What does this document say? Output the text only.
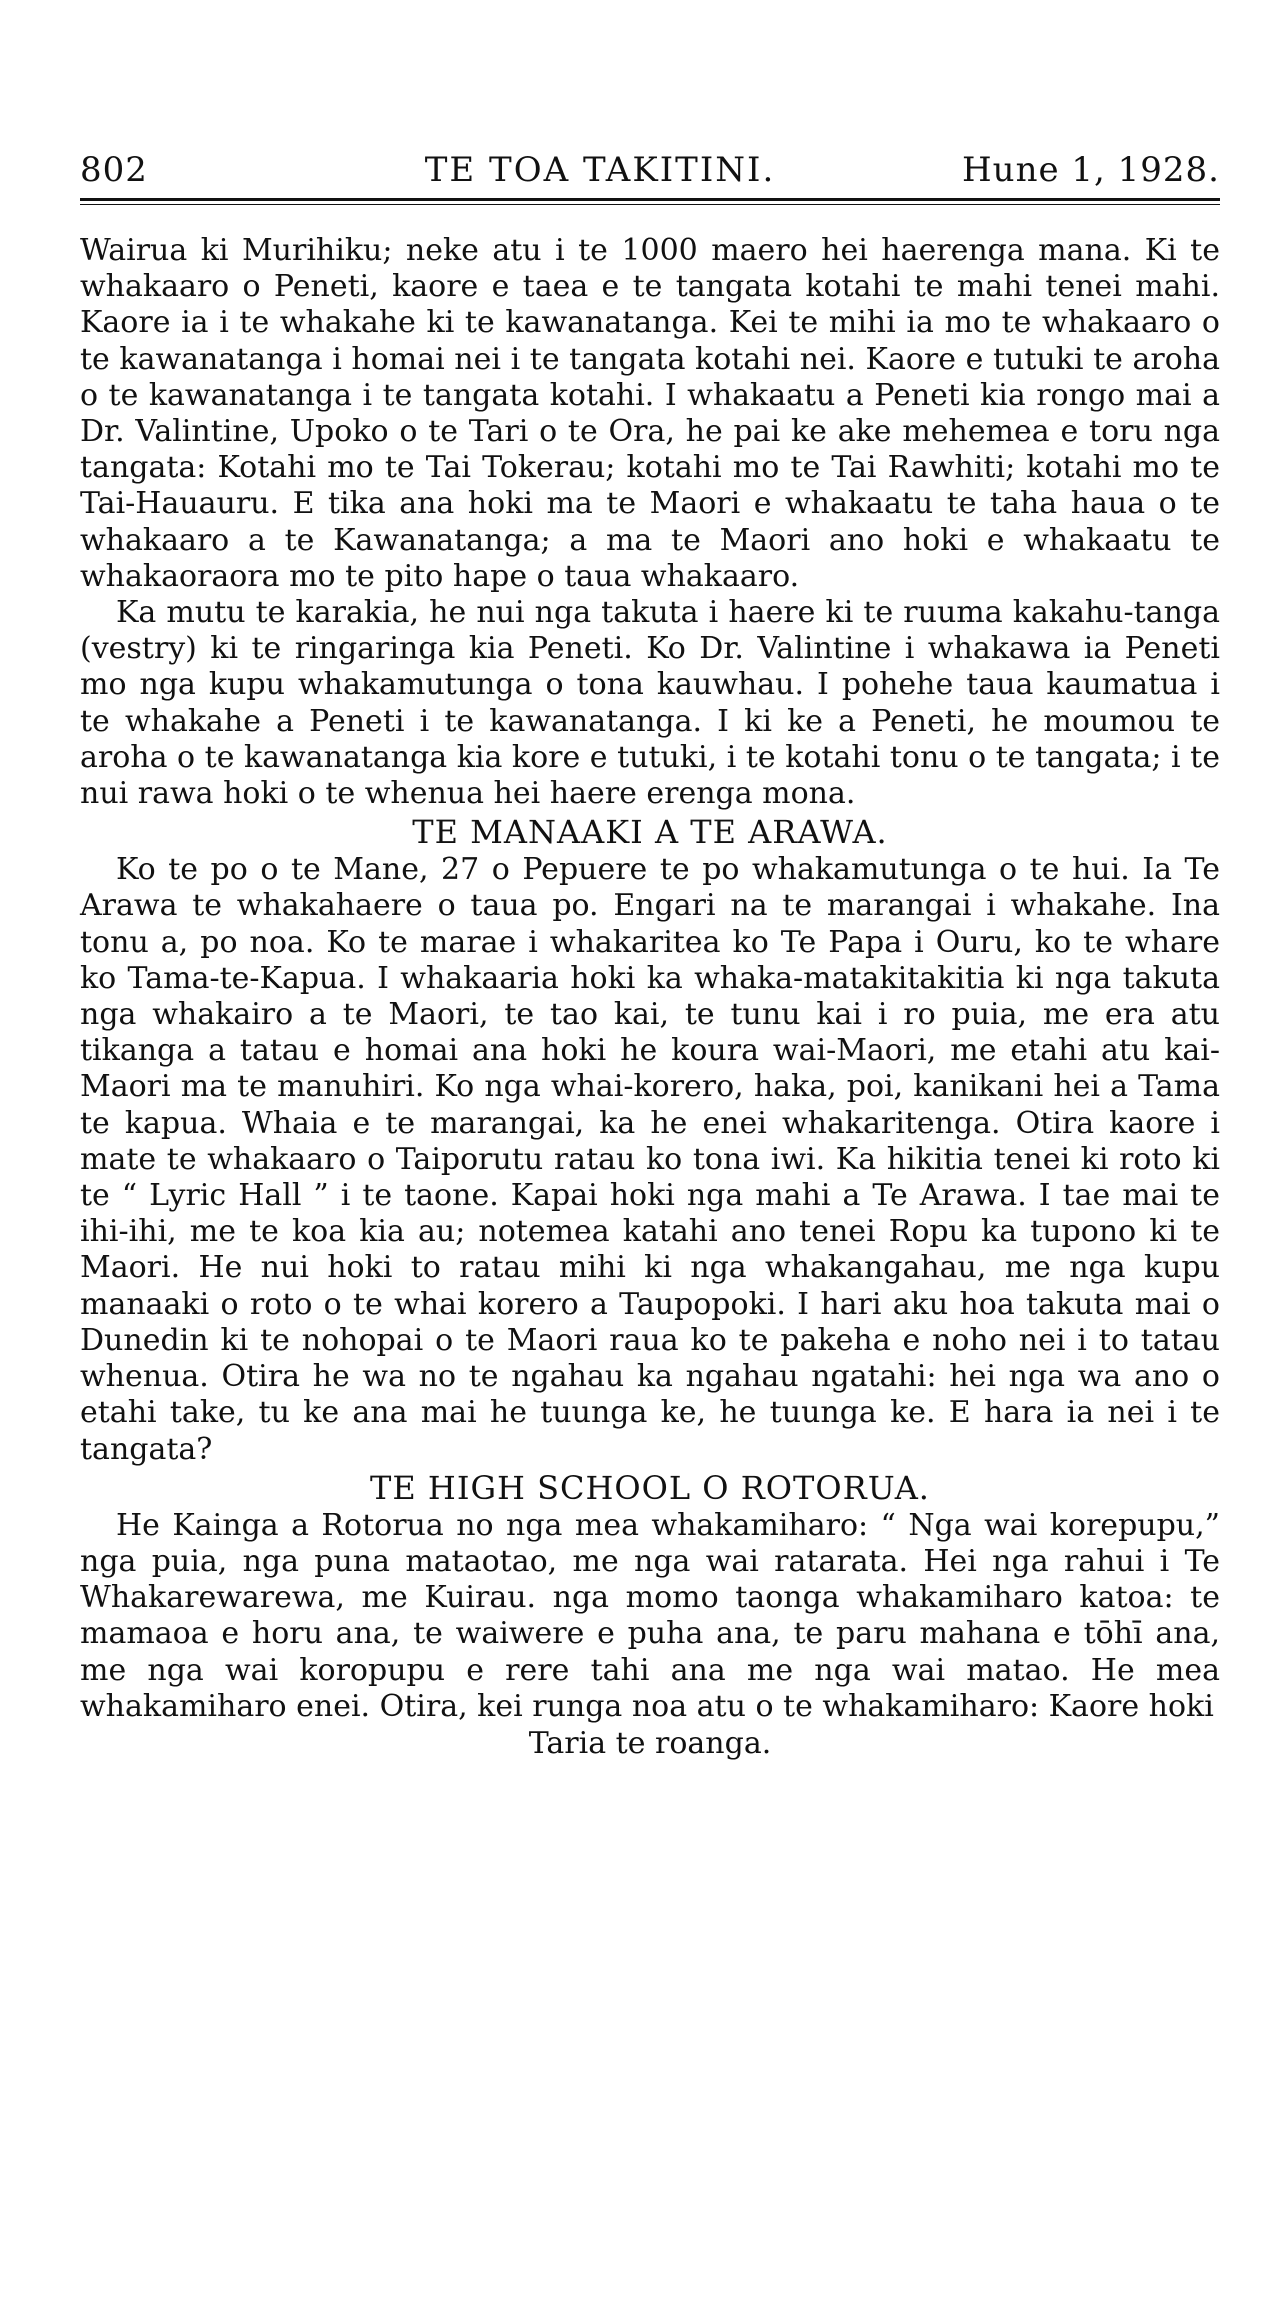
802	TE TOA TAKITINI.	Hune 1, 1928.

Wairua ki Murihiku; neke atu i te 1000 maero hei haerenga mana. Ki te whakaaro o Peneti, kaore e taea e te tangata kotahi te mahi tenei mahi. Kaore ia i te whakahe ki te kawanatanga. Kei te mihi ia mo te whakaaro o te kawanatanga i homai nei i te tangata kotahi nei. Kaore e tutuki te aroha o te kawanatanga i te tangata kotahi. I whakaatu a Peneti kia rongo mai a Dr. Valintine, Upoko o te Tari o te Ora, he pai ke ake mehemea e toru nga tangata: Kotahi mo te Tai Tokerau; kotahi mo te Tai Rawhiti; kotahi mo te Tai-Hauauru. E tika ana hoki ma te Maori e whakaatu te taha haua o te whakaaro a te Kawanatanga; a ma te Maori ano hoki e whakaatu te whakaoraora mo te pito hape o taua whakaaro.

Ka mutu te karakia, he nui nga takuta i haere ki te ruuma kakahu-tanga (vestry) ki te ringaringa kia Peneti. Ko Dr. Valintine i whakawa ia Peneti mo nga kupu whakamutunga o tona kauwhau. I pohehe taua kaumatua i te whakahe a Peneti i te kawanatanga. I ki ke a Peneti, he moumou te aroha o te kawanatanga kia kore e tutuki, i te kotahi tonu o te tangata; i te nui rawa hoki o te whenua hei haere erenga mona.

TE MANAAKI A TE ARAWA.

Ko te po o te Mane, 27 o Pepuere te po whakamutunga o te hui. Ia Te Arawa te whakahaere o taua po. Engari na te marangai i whakahe. Ina tonu a, po noa. Ko te marae i whakaritea ko Te Papa i Ouru, ko te whare ko Tama-te-Kapua. I whakaaria hoki ka whaka-matakitakitia ki nga takuta nga whakairo a te Maori, te tao kai, te tunu kai i ro puia, me era atu tikanga a tatau e homai ana hoki he koura wai-Maori, me etahi atu kai-Maori ma te manuhiri. Ko nga whai-korero, haka, poi, kanikani hei a Tama te kapua. Whaia e te marangai, ka he enei whakaritenga. Otira kaore i mate te whakaaro o Taiporutu ratau ko tona iwi. Ka hikitia tenei ki roto ki te “ Lyric Hall ” i te taone. Kapai hoki nga mahi a Te Arawa. I tae mai te ihi-ihi, me te koa kia au; notemea katahi ano tenei Ropu ka tupono ki te Maori. He nui hoki to ratau mihi ki nga whakangahau, me nga kupu manaaki o roto o te whai korero a Taupopoki. I hari aku hoa takuta mai o Dunedin ki te nohopai o te Maori raua ko te pakeha e noho nei i to tatau whenua. Otira he wa no te ngahau ka ngahau ngatahi: hei nga wa ano o etahi take, tu ke ana mai he tuunga ke, he tuunga ke. E hara ia nei i te tangata?

TE HIGH SCHOOL O ROTORUA.

He Kainga a Rotorua no nga mea whakamiharo: “ Nga wai korepupu,” nga puia, nga puna mataotao, me nga wai ratarata. Hei nga rahui i Te Whakarewarewa, me Kuirau. nga momo taonga whakamiharo katoa: te mamaoa e horu ana, te waiwere e puha ana, te paru mahana e tōhī ana, me nga wai koropupu e rere tahi ana me nga wai matao. He mea whakamiharo enei. Otira, kei runga noa atu o te whakamiharo: Kaore hoki

Taria te roanga.
